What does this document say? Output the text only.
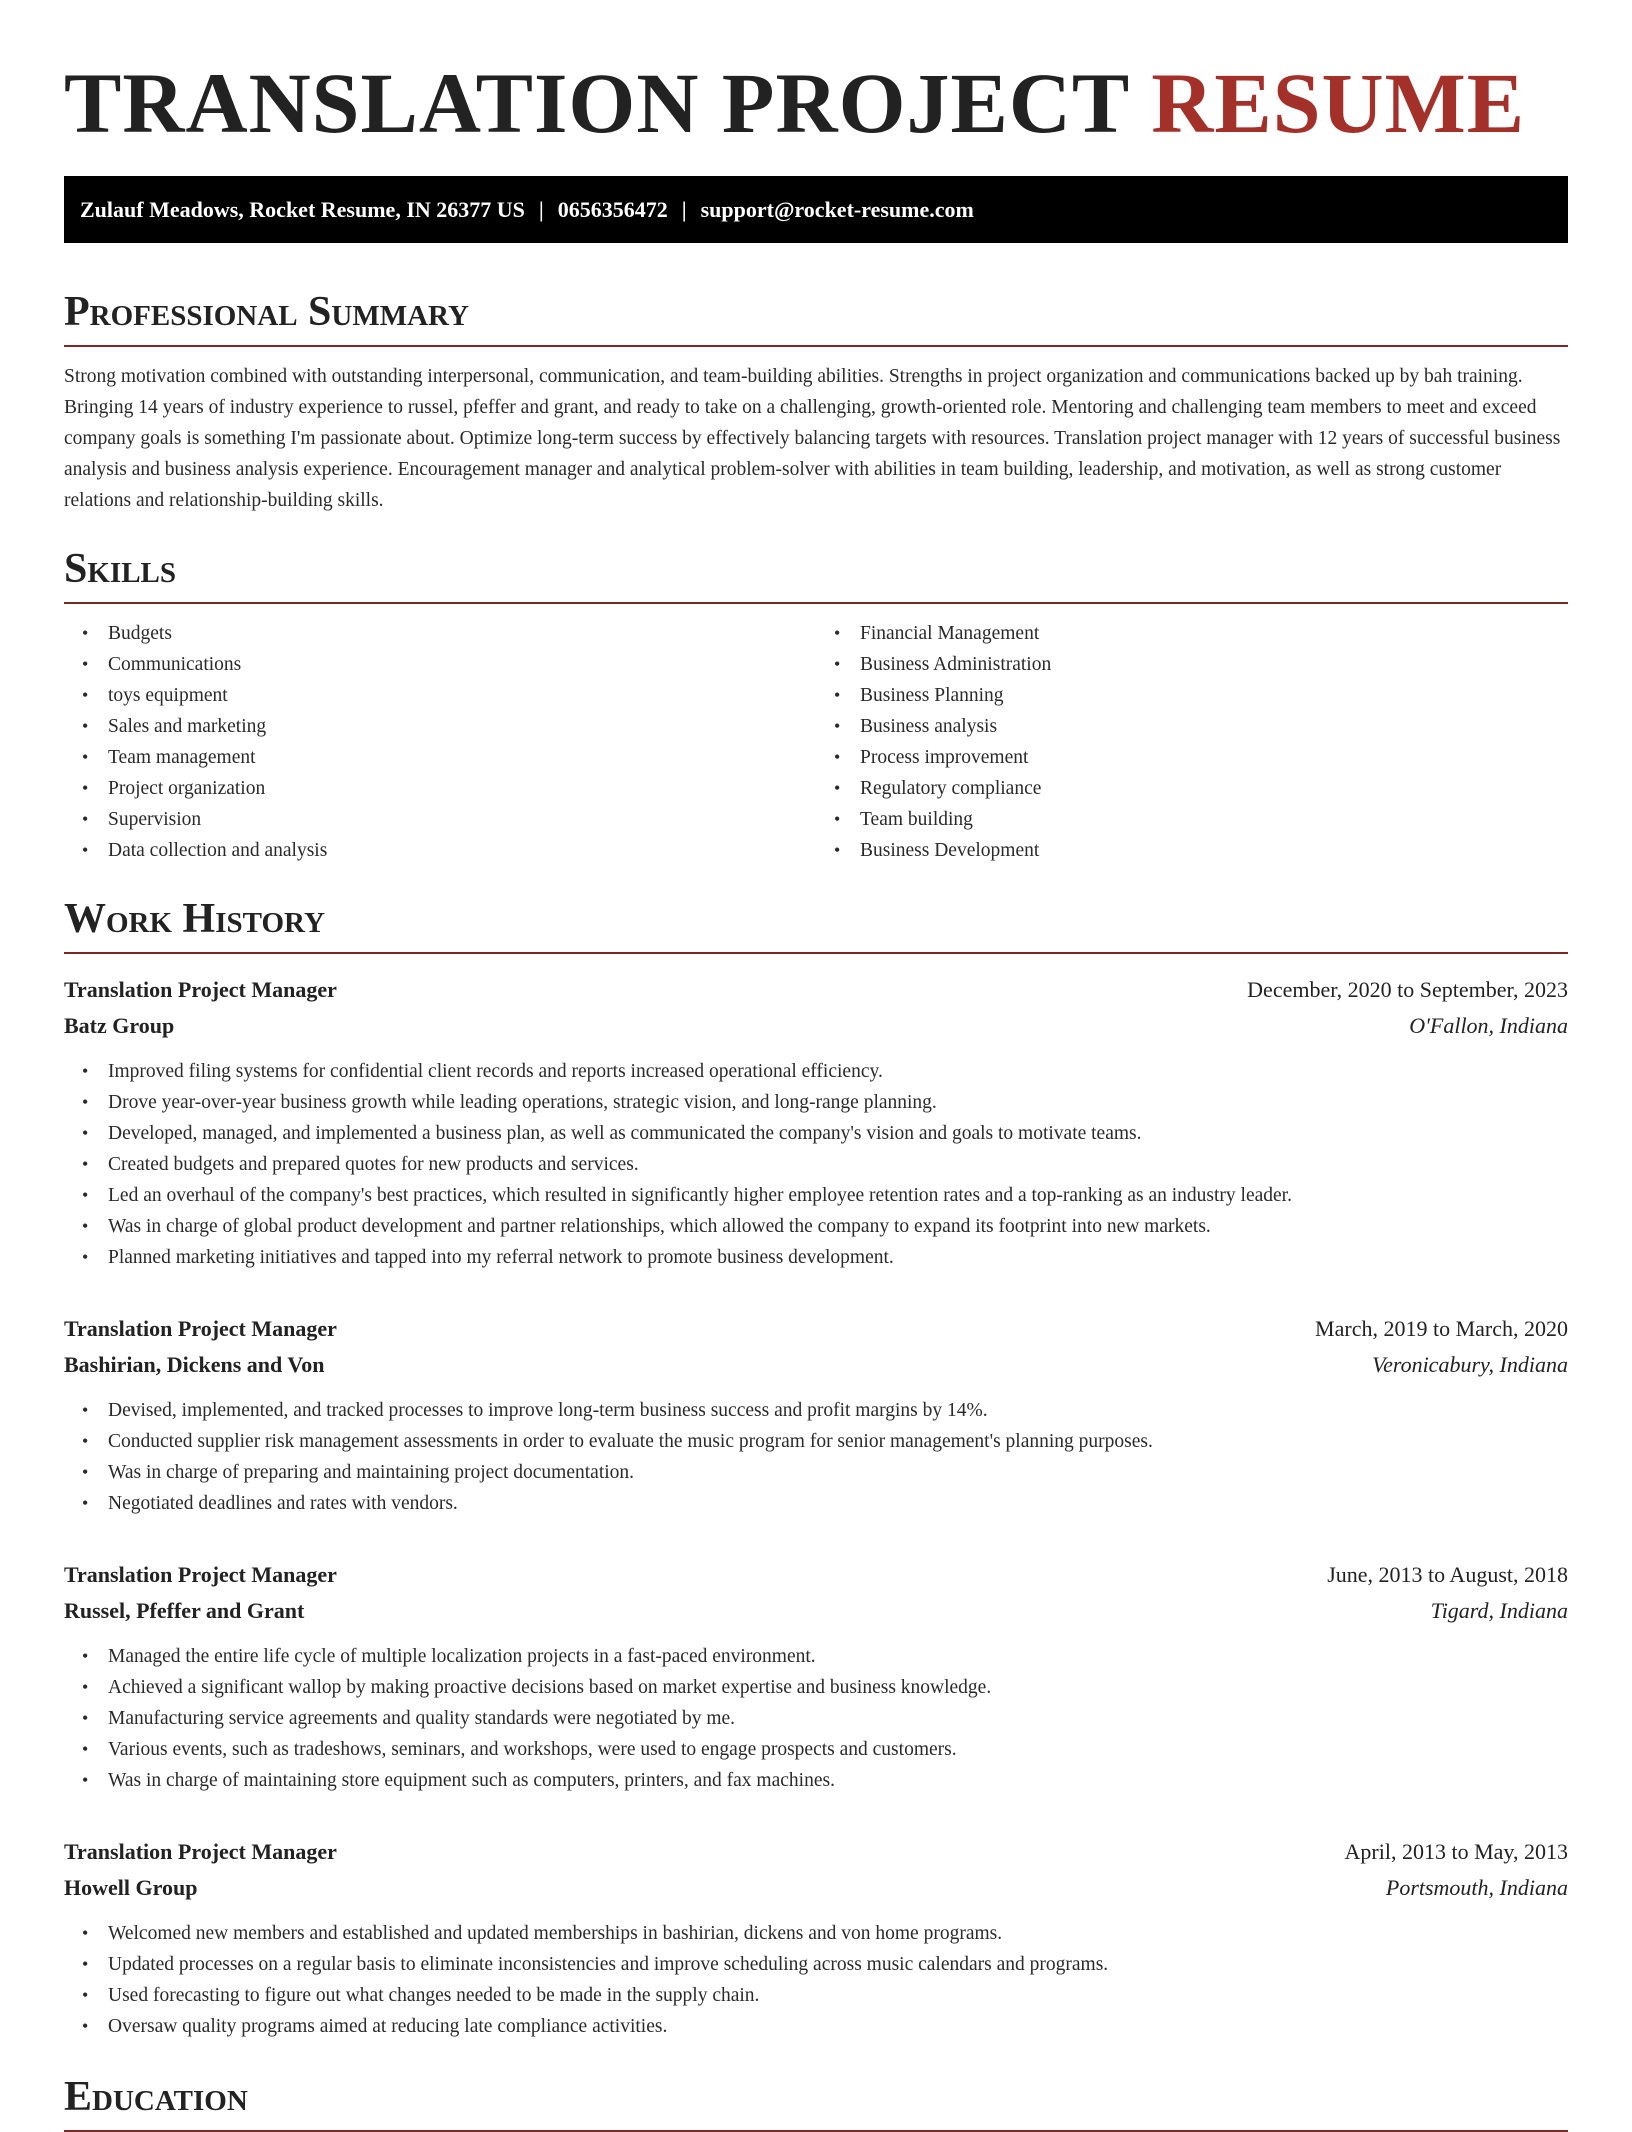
TRANSLATION PROJECT RESUME
Zulauf Meadows, Rocket Resume, IN 26377 US | 0656356472 | support@rocket-resume.com
Professional Summary

Strong motivation combined with outstanding interpersonal, communication, and team-building abilities. Strengths in project organization and communications backed up by bah training. Bringing 14 years of industry experience to russel, pfeffer and grant, and ready to take on a challenging, growth-oriented role. Mentoring and challenging team members to meet and exceed company goals is something I'm passionate about. Optimize long-term success by effectively balancing targets with resources. Translation project manager with 12 years of successful business analysis and business analysis experience. Encouragement manager and analytical problem-solver with abilities in team building, leadership, and motivation, as well as strong customer relations and relationship-building skills.

Skills
• Budgets
• Communications
• toys equipment
• Sales and marketing
• Team management
• Project organization
• Supervision
• Data collection and analysis
• Financial Management
• Business Administration
• Business Planning
• Business analysis
• Process improvement
• Regulatory compliance
• Team building
• Business Development
Work History
Translation Project Manager	December, 2020 to September, 2023
Batz Group	O'Fallon, Indiana
• Improved filing systems for confidential client records and reports increased operational efficiency.
• Drove year-over-year business growth while leading operations, strategic vision, and long-range planning.
• Developed, managed, and implemented a business plan, as well as communicated the company's vision and goals to motivate teams.
• Created budgets and prepared quotes for new products and services.
• Led an overhaul of the company's best practices, which resulted in significantly higher employee retention rates and a top-ranking as an industry leader.
• Was in charge of global product development and partner relationships, which allowed the company to expand its footprint into new markets.
• Planned marketing initiatives and tapped into my referral network to promote business development.
Translation Project Manager	March, 2019 to March, 2020
Bashirian, Dickens and Von	Veronicabury, Indiana
• Devised, implemented, and tracked processes to improve long-term business success and profit margins by 14%.
• Conducted supplier risk management assessments in order to evaluate the music program for senior management's planning purposes.
• Was in charge of preparing and maintaining project documentation.
• Negotiated deadlines and rates with vendors.
Translation Project Manager	June, 2013 to August, 2018
Russel, Pfeffer and Grant	Tigard, Indiana
• Managed the entire life cycle of multiple localization projects in a fast-paced environment.
• Achieved a significant wallop by making proactive decisions based on market expertise and business knowledge.
• Manufacturing service agreements and quality standards were negotiated by me.
• Various events, such as tradeshows, seminars, and workshops, were used to engage prospects and customers.
• Was in charge of maintaining store equipment such as computers, printers, and fax machines.
Translation Project Manager	April, 2013 to May, 2013
Howell Group	Portsmouth, Indiana
• Welcomed new members and established and updated memberships in bashirian, dickens and von home programs.
• Updated processes on a regular basis to eliminate inconsistencies and improve scheduling across music calendars and programs.
• Used forecasting to figure out what changes needed to be made in the supply chain.
• Oversaw quality programs aimed at reducing late compliance activities.
Education
